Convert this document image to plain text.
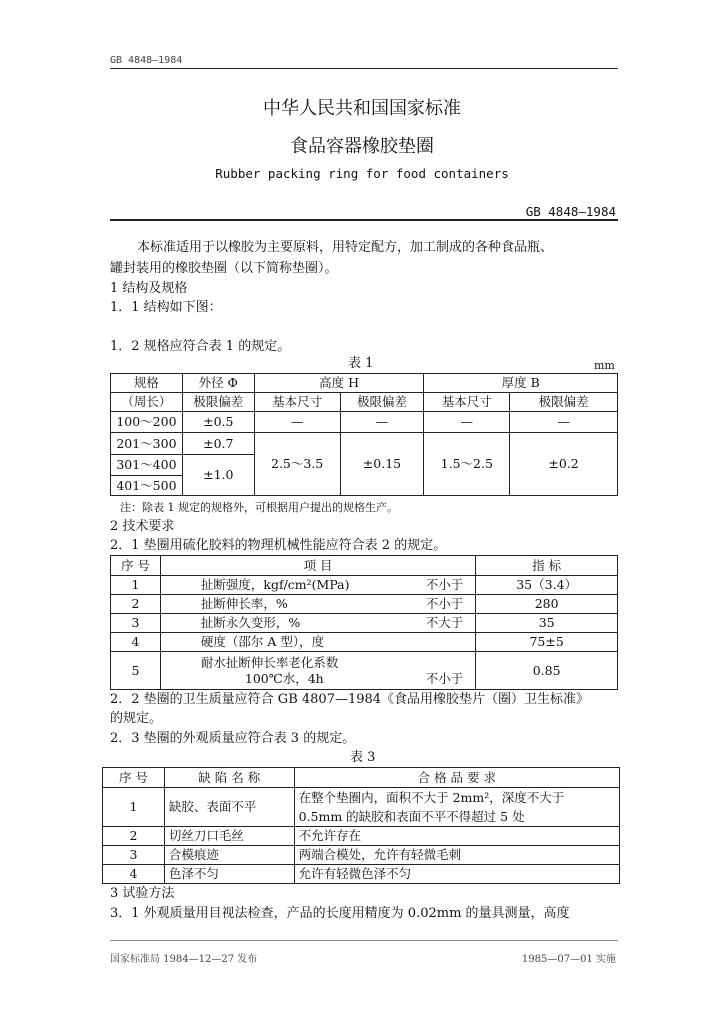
GB 4848—1984
中华人民共和国国家标准
食品容器橡胶垫圈
Rubber packing ring for food containers
GB 4848—1984
本标准适用于以橡胶为主要原料，用特定配方，加工制成的各种食品瓶、
罐封装用的橡胶垫圈（以下简称垫圈）。
1 结构及规格
1．1 结构如下图：
1．2 规格应符合表 1 的规定。
表 1	mm
规格	外径 Φ	高度 H		厚度 B	
（周长）	极限偏差	基本尺寸	极限偏差	基本尺寸	极限偏差
100～200	±0.5	—	—	—	—
201～300	±0.7	2.5～3.5	±0.15	1.5～2.5	±0.2
301～400	±1.0				
401～500					
注：除表 1 规定的规格外，可根据用户提出的规格生产。
2 技术要求
2．1 垫圈用硫化胶料的物理机械性能应符合表 2 的规定。
序 号	项 目	指 标
1	扯断强度，kgf/cm²(MPa) 不小于	35（3.4）
2	扯断伸长率，% 不小于	280
3	扯断永久变形，% 不大于	35
4	硬度（邵尔 A 型），度	75±5
5	耐水扯断伸长率老化系数
100℃水，4h 不小于	0.85
2．2 垫圈的卫生质量应符合 GB 4807—1984《食品用橡胶垫片（圈）卫生标准》
的规定。
2．3 垫圈的外观质量应符合表 3 的规定。
表 3
序 号	缺 陷 名 称	合 格 品 要 求
1	缺胶、表面不平	在整个垫圈内，面积不大于 2mm²，深度不大于
0.5mm 的缺胶和表面不平不得超过 5 处

2	切丝刀口毛丝	不允许存在
3	合模痕迹	两端合模处，允许有轻微毛刺
4	色泽不匀	允许有轻微色泽不匀
3 试验方法
3．1 外观质量用目视法检查，产品的长度用精度为 0.02mm 的量具测量，高度
国家标准局 1984—12—27 发布	1985—07—01 实施
